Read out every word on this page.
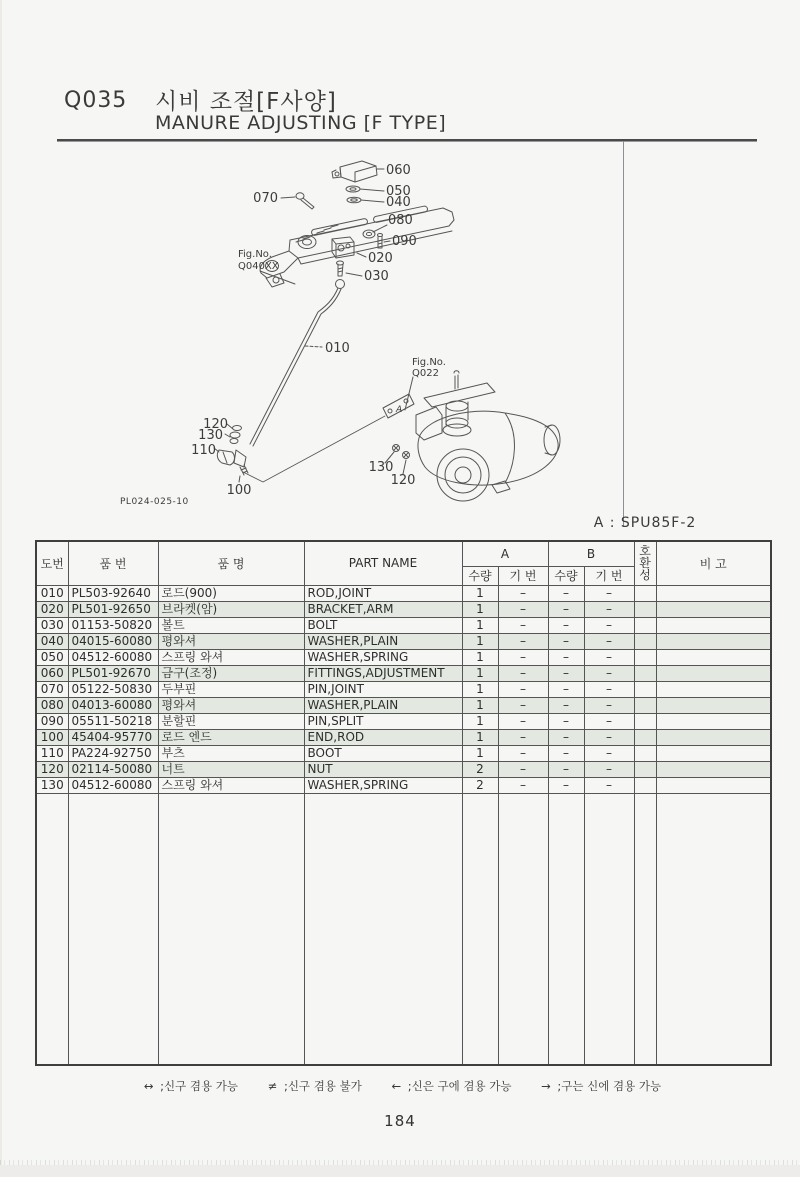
Q035 시비 조절[F사양]
MANURE ADJUSTING [F TYPE]
060
050
040
070
080
090
020
030
010
120
130
110
100
130
120
Fig.No.
Q040XX
Fig.No.
Q022
A
PL024-025-10
A : SPU85F-2
도번	품 번	품 명	PART NAME	A		B		호환성	비 고
				수량	기 번	수량	기 번		
010	PL503-92640	로드(900)	ROD,JOINT	1	–	–	–		
020	PL501-92650	브라켓(암)	BRACKET,ARM	1	–	–	–		
030	01153-50820	볼트	BOLT	1	–	–	–		
040	04015-60080	평와셔	WASHER,PLAIN	1	–	–	–		
050	04512-60080	스프링 와셔	WASHER,SPRING	1	–	–	–		
060	PL501-92670	금구(조정)	FITTINGS,ADJUSTMENT	1	–	–	–		
070	05122-50830	두부핀	PIN,JOINT	1	–	–	–		
080	04013-60080	평와셔	WASHER,PLAIN	1	–	–	–		
090	05511-50218	분할핀	PIN,SPLIT	1	–	–	–		
100	45404-95770	로드 엔드	END,ROD	1	–	–	–		
110	PA224-92750	부츠	BOOT	1	–	–	–		
120	02114-50080	너트	NUT	2	–	–	–		
130	04512-60080	스프링 와셔	WASHER,SPRING	2	–	–	–		

↔ ;신구 겸용 가능	≠ ;신구 겸용 불가	← ;신은 구에 겸용 가능	→ ;구는 신에 겸용 가능
184
